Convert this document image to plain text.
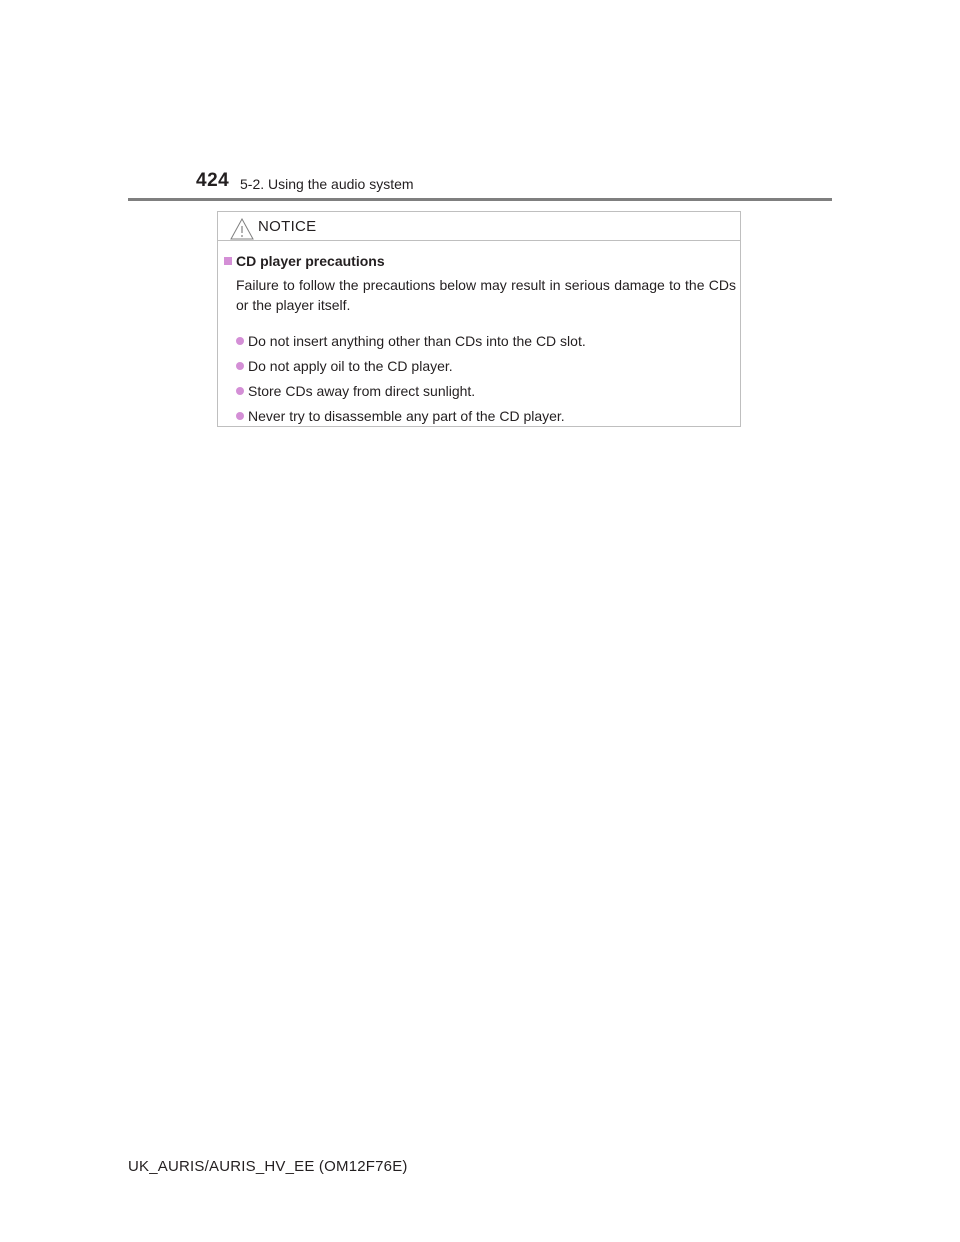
424 5-2. Using the audio system
NOTICE
CD player precautions
Failure to follow the precautions below may result in serious damage to the CDs or the player itself.
Do not insert anything other than CDs into the CD slot.
Do not apply oil to the CD player.
Store CDs away from direct sunlight.
Never try to disassemble any part of the CD player.
UK_AURIS/AURIS_HV_EE (OM12F76E)
